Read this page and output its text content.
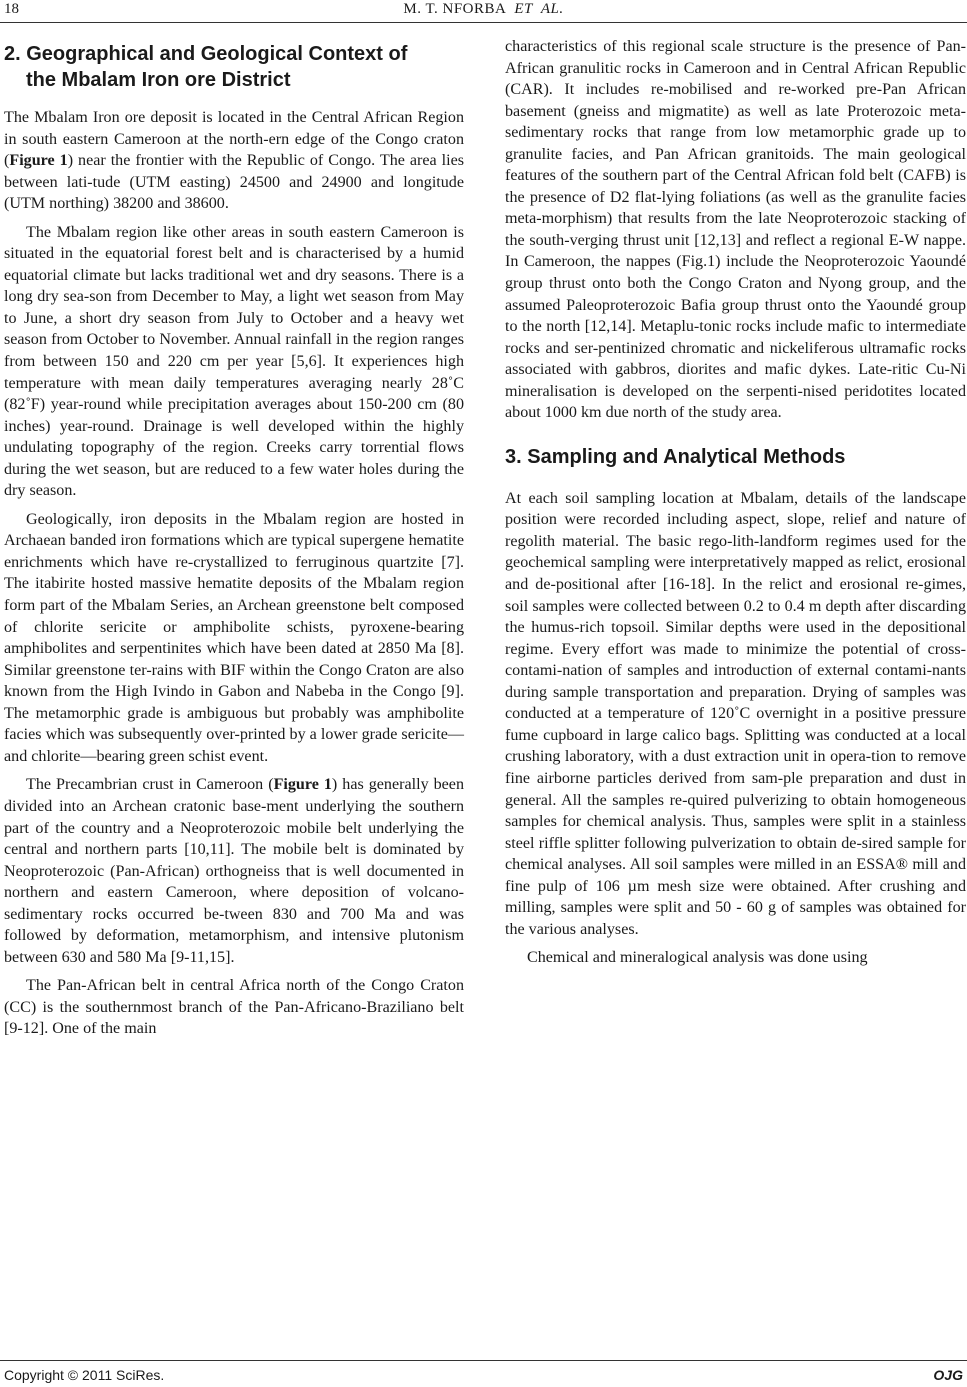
18	M. T. NFORBA ET AL.
2. Geographical and Geological Context of
the Mbalam Iron ore District

The Mbalam Iron ore deposit is located in the Central African Region in south eastern Cameroon at the north-ern edge of the Congo craton (Figure 1) near the frontier with the Republic of Congo. The area lies between lati-tude (UTM easting) 24500 and 24900 and longitude (UTM northing) 38200 and 38600.

The Mbalam region like other areas in south eastern Cameroon is situated in the equatorial forest belt and is characterised by a humid equatorial climate but lacks traditional wet and dry seasons. There is a long dry sea-son from December to May, a light wet season from May to June, a short dry season from July to October and a heavy wet season from October to November. Annual rainfall in the region ranges from between 150 and 220 cm per year [5,6]. It experiences high temperature with mean daily temperatures averaging nearly 28˚C (82˚F) year-round while precipitation averages about 150-200 cm (80 inches) year-round. Drainage is well developed within the highly undulating topography of the region. Creeks carry torrential flows during the wet season, but are reduced to a few water holes during the dry season.

Geologically, iron deposits in the Mbalam region are hosted in Archaean banded iron formations which are typical supergene hematite enrichments which have re-crystallized to ferruginous quartzite [7]. The itabirite hosted massive hematite deposits of the Mbalam region form part of the Mbalam Series, an Archean greenstone belt composed of chlorite sericite or amphibolite schists, pyroxene-bearing amphibolites and serpentinites which have been dated at 2850 Ma [8]. Similar greenstone ter-rains with BIF within the Congo Craton are also known from the High Ivindo in Gabon and Nabeba in the Congo [9]. The metamorphic grade is ambiguous but probably was amphibolite facies which was subsequently over-printed by a lower grade sericite—and chlorite—bearing green schist event.

The Precambrian crust in Cameroon (Figure 1) has generally been divided into an Archean cratonic base-ment underlying the southern part of the country and a Neoproterozoic mobile belt underlying the central and northern parts [10,11]. The mobile belt is dominated by Neoproterozoic (Pan-African) orthogneiss that is well documented in northern and eastern Cameroon, where deposition of volcano-sedimentary rocks occurred be-tween 830 and 700 Ma and was followed by deformation, metamorphism, and intensive plutonism between 630 and 580 Ma [9-11,15].

The Pan-African belt in central Africa north of the Congo Craton (CC) is the southernmost branch of the Pan-Africano-Braziliano belt [9-12]. One of the main

characteristics of this regional scale structure is the presence of Pan-African granulitic rocks in Cameroon and in Central African Republic (CAR). It includes re-mobilised and re-worked pre-Pan African basement (gneiss and migmatite) as well as late Proterozoic meta-sedimentary rocks that range from low metamorphic grade up to granulite facies, and Pan African granitoids. The main geological features of the southern part of the Central African fold belt (CAFB) is the presence of D2 flat-lying foliations (as well as the granulite facies meta-morphism) that results from the late Neoproterozoic stacking of the south-verging thrust unit [12,13] and reflect a regional E-W nappe. In Cameroon, the nappes (Fig.1) include the Neoproterozoic Yaoundé group thrust onto both the Congo Craton and Nyong group, and the assumed Paleoproterozoic Bafia group thrust onto the Yaoundé group to the north [12,14]. Metaplu-tonic rocks include mafic to intermediate rocks and ser-pentinized chromatic and nickeliferous ultramafic rocks associated with gabbros, diorites and mafic dykes. Late-ritic Cu-Ni mineralisation is developed on the serpenti-nised peridotites located about 1000 km due north of the study area.

3. Sampling and Analytical Methods

At each soil sampling location at Mbalam, details of the landscape position were recorded including aspect, slope, relief and nature of regolith material. The basic rego-lith-landform regimes used for the geochemical sampling were interpretatively mapped as relict, erosional and de-positional after [16-18]. In the relict and erosional re-gimes, soil samples were collected between 0.2 to 0.4 m depth after discarding the humus-rich topsoil. Similar depths were used in the depositional regime. Every effort was made to minimize the potential of cross-contami-nation of samples and introduction of external contami-nants during sample transportation and preparation. Drying of samples was conducted at a temperature of 120˚C overnight in a positive pressure fume cupboard in large calico bags. Splitting was conducted at a local crushing laboratory, with a dust extraction unit in opera-tion to remove fine airborne particles derived from sam-ple preparation and dust in general. All the samples re-quired pulverizing to obtain homogeneous samples for chemical analysis. Thus, samples were split in a stainless steel riffle splitter following pulverization to obtain de-sired sample for chemical analyses. All soil samples were milled in an ESSA® mill and fine pulp of 106 µm mesh size were obtained. After crushing and milling, samples were split and 50 - 60 g of samples was obtained for the various analyses.

Chemical and mineralogical analysis was done using

Copyright © 2011 SciRes.	OJG
